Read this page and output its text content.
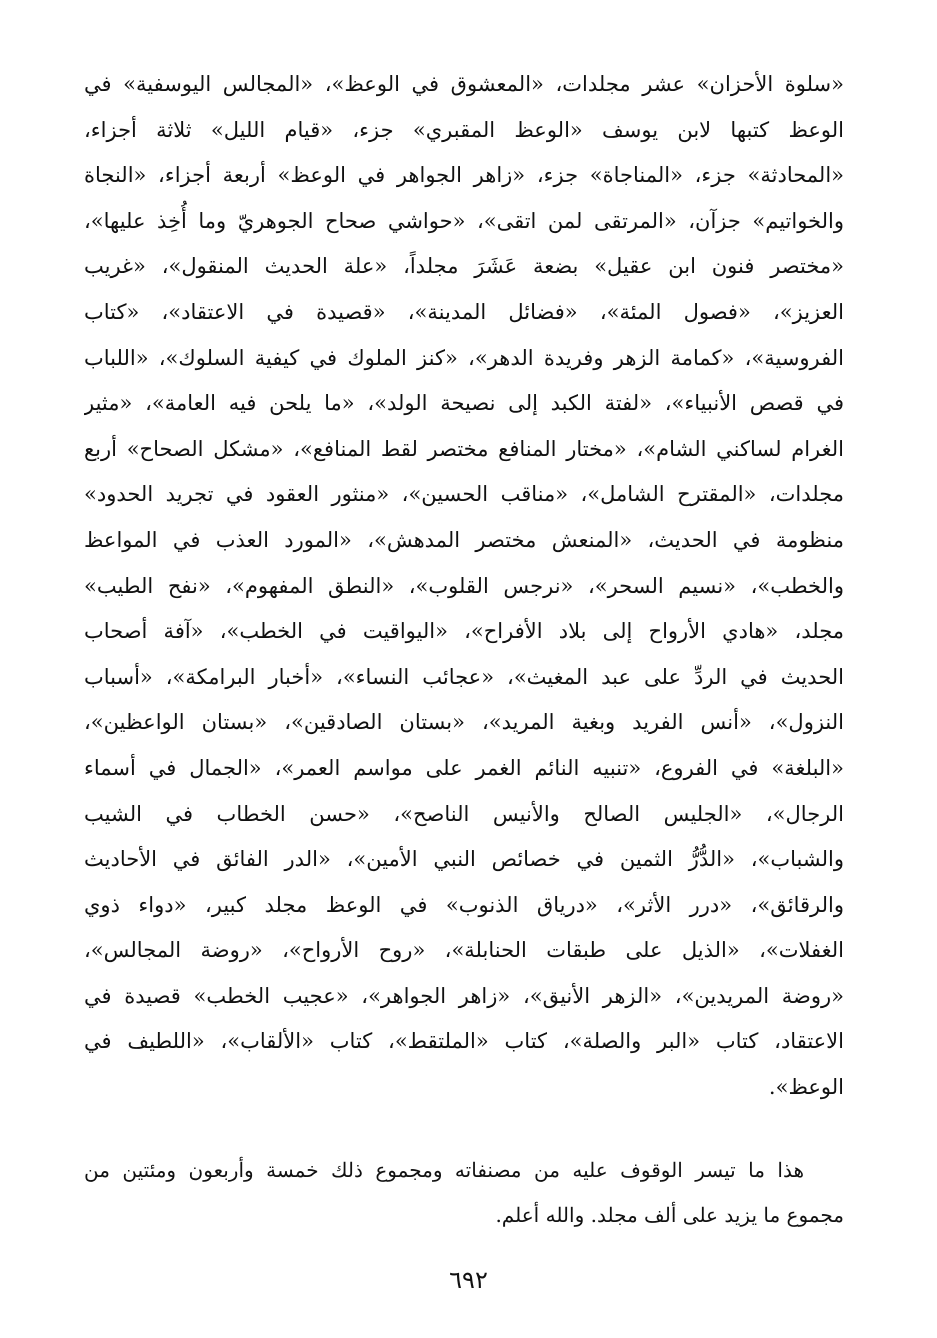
«سلوة الأحزان» عشر مجلدات، «المعشوق في الوعظ»، «المجالس اليوسفية» في
الوعظ كتبها لابن يوسف «الوعظ المقبري» جزء، «قيام الليل» ثلاثة أجزاء،
«المحادثة» جزء، «المناجاة» جزء، «زاهر الجواهر في الوعظ» أربعة أجزاء، «النجاة
والخواتيم» جزآن، «المرتقى لمن اتقى»، «حواشي صحاح الجوهريّ وما أُخِذ عليها»،
«مختصر فنون ابن عقيل» بضعة عَشَرَ مجلداً، «علة الحديث المنقول»، «غريب
العزيز»، «فصول المئة»، «فضائل المدينة»، «قصيدة في الاعتقاد»، «كتاب
الفروسية»، «كمامة الزهر وفريدة الدهر»، «كنز الملوك في كيفية السلوك»، «اللباب
في قصص الأنبياء»، «لفتة الكبد إلى نصيحة الولد»، «ما يلحن فيه العامة»، «مثير
الغرام لساكني الشام»، «مختار المنافع مختصر لقط المنافع»، «مشكل الصحاح» أربع
مجلدات، «المقترح الشامل»، «مناقب الحسين»، «منثور العقود في تجريد الحدود»
منظومة في الحديث، «المنعش مختصر المدهش»، «المورد العذب في المواعظ
والخطب»، «نسيم السحر»، «نرجس القلوب»، «النطق المفهوم»، «نفح الطيب»
مجلد، «هادي الأرواح إلى بلاد الأفراح»، «اليواقيت في الخطب»، «آفة أصحاب
الحديث في الردِّ على عبد المغيث»، «عجائب النساء»، «أخبار البرامكة»، «أسباب
النزول»، «أنس الفريد وبغية المريد»، «بستان الصادقين»، «بستان الواعظين»،
«البلغة» في الفروع، «تنبيه النائم الغمر على مواسم العمر»، «الجمال في أسماء
الرجال»، «الجليس الصالح والأنيس الناصح»، «حسن الخطاب في الشيب
والشباب»، «الدُّرُّ الثمين في خصائص النبي الأمين»، «الدر الفائق في الأحاديث
والرقائق»، «درر الأثر»، «درياق الذنوب» في الوعظ مجلد كبير، «دواء ذوي
الغفلات»، «الذيل على طبقات الحنابلة»، «روح الأرواح»، «روضة المجالس»،
«روضة المريدين»، «الزهر الأنيق»، «زاهر الجواهر»، «عجيب الخطب» قصيدة في
الاعتقاد، كتاب «البر والصلة»، كتاب «الملتقط»، كتاب «الألقاب»، «اللطيف في
الوعظ».
هذا ما تيسر الوقوف عليه من مصنفاته ومجموع ذلك خمسة وأربعون ومئتين من
مجموع ما يزيد على ألف مجلد. والله أعلم.
٦٩٢
